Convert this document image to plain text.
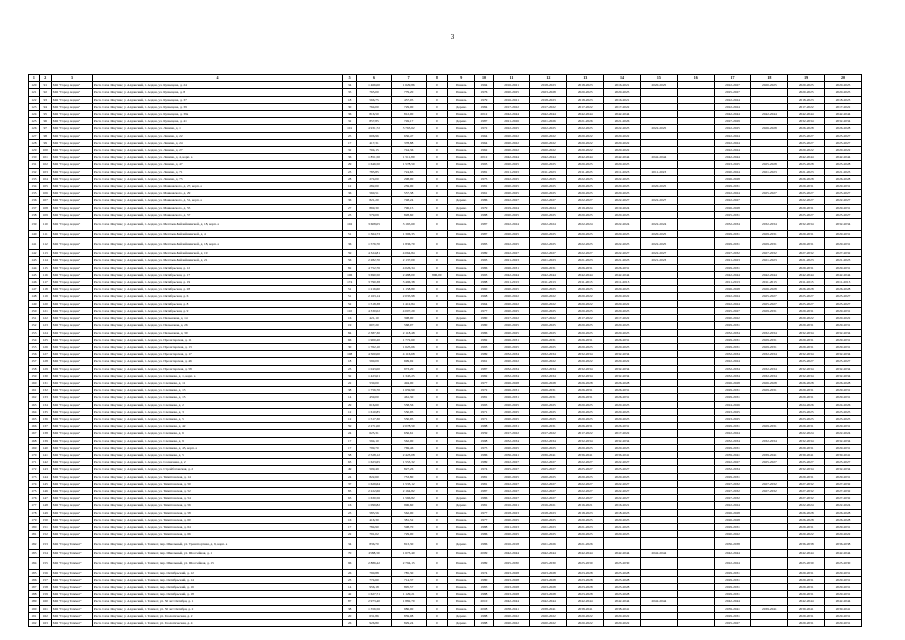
3
1	2	3	4	5	6	7	8	9	10	11	12	13	14	15	16	17	18	19	20
120	91	МО "Город Алдан"	Респ. Саха /Якутия/, у. Алданский, г. Алдан, ул. Кузнецова, д. 24	34	1 466,00	1 629,86	0	Панель	1994	2016-2021	2018-2023	2018-2023	2016-2021	2020-2025		2022-2027	2020-2025	2020-2025	2020-2025
121	92	МО "Город Алдан"	Респ. Саха /Якутия/, у. Алданский, г. Алдан, ул. Кузнецова, д. 8	35	765,00	779,20	0	Панель	1976	2020-2025	2023-2028	2020-2025	2020-2025			2025-2027		2020-2025	2020-2025
122	93	МО "Город Алдан"	Респ. Саха /Якутия/, у. Алданский, г. Алдан, ул. Кузнецова, д. 37	18	566,75	457,05	0	Панель	1979	2016-2021	2018-2023	2018-2023	2016-2021			2022-2024		2018-2023	2018-2023
123	94	МО "Город Алдан"	Респ. Саха /Якутия/, у. Алданский, г. Алдан, ул. Кузнецова, д. 39	30	764,00	729,00	0	Дерево	1984	2017-2022	2017-2022	2017-2022	2017-2022			2022-2024		2017-2022	2017-2022
124	95	МО "Город Алдан"	Респ. Саха /Якутия/, у. Алданский, г. Алдан, ул. Кузнецова, д. 39а	36	816,50	812,00	0	Панель	2012	2042-2044	2042-2044	2042-2044	2042-2044			2042-2044	2042-2044	2042-2044	2042-2044
125	96	МО "Город Алдан"	Респ. Саха /Якутия/, у. Алданский, г. Алдан, ул. Кузнецова, д. 41	32	857,85	749,17	0	Дерево	1987	2021-2026	2021-2026	2021-2026	2021-2026			2027-2029		2032-2034	2032-2034
126	97	МО "Город Алдан"	Респ. Саха /Якутия/, у. Алданский, г. Алдан, ул. Ленина, д. 1	101	4 931,72	3 763,62	0	Панель	1972	2022-2025	2022-2025	2022-2025	2022-2025	2022-2025		2022-2025	2026-2028	2026-2028	2026-2028
127	98	МО "Город Алдан"	Респ. Саха /Якутия/, у. Алданский, г. Алдан, ул. Ленина, д. 22	25	606,96	636,47	0	Панель	1964	2020-2022	2020-2022	2020-2022	2020-2022			2022-2024		2025-2027	2025-2027
128	99	МО "Город Алдан"	Респ. Саха /Якутия/, у. Алданский, г. Алдан, ул. Ленина, д. 24	17	417,31	378,88	0	Панель	1964	2020-2022	2020-2022	2020-2022	2020-2022			2022-2024		2025-2027	2025-2027
129	100	МО "Город Алдан"	Респ. Саха /Якутия/, у. Алданский, г. Алдан, ул. Ленина, д. 27	32	704,15	744,36	0	Панель	1962	2020-2022	2020-2022	2020-2022	2020-2022			2022-2024		2020-2022	2020-2022
130	101	МО "Город Алдан"	Респ. Саха /Якутия/, у. Алданский, г. Алдан, ул. Ленина, д. 4, корп. а	36	1 851,50	1 511,80	0	Панель	2012	2042-2044	2042-2044	2042-2044	2042-2044	2042-2044		2042-2044		2042-2044	2042-2044
131	102	МО "Город Алдан"	Респ. Саха /Якутия/, у. Алданский, г. Алдан, ул. Ленина, д. 47	29	1 646,50	1 578,50	0	Панель	1993	2020-2025	2020-2025	2020-2025	2020-2025			2023-2025	2025-2028	2025-2028	2025-2028
132	103	МО "Город Алдан"	Респ. Саха /Якутия/, у. Алданский, г. Алдан, ул. Ленина, д. 71	23	783,85	724,65	0	Панель	1981	2011-2023	2011-2023	2011-2023	2011-2023	2011-2023		2020-2024	2021-2023	2021-2023	2021-2023
133	104	МО "Город Алдан"	Респ. Саха /Якутия/, у. Алданский, г. Алдан, ул. Ленина, д. 75	28	274,00	298,00	0	Панель	1975	2022-2025	2022-2025	2022-2025	2022-2025			2026-2028		2026-2028	2026-2028
134	105	МО "Город Алдан"	Респ. Саха /Якутия/, у. Алданский, г. Алдан, ул. Маяковского, д. 27, корп. а	12	282,00	259,00	0	Панель	1981	2020-2025	2020-2025	2020-2025	2020-2025	2020-2025		2029-2031		2029-2031	2029-2031
135	106	МО "Город Алдан"	Респ. Саха /Якутия/, у. Алданский, г. Алдан, ул. Маяковского, д. 29	36	560,51	557,38	0	Панель	1961	2020-2025	2020-2025	2020-2025	2020-2025			2022-2024	2025-2027	2025-2027	2025-2027
136	107	МО "Город Алдан"	Респ. Саха /Якутия/, у. Алданский, г. Алдан, ул. Маяковского, д. 51, корп. а	36	821,20	748,24	0	Дерево	1986	2022-2027	2022-2027	2022-2027	2022-2027	2022-2027		2022-2027		2022-2027	2022-2027
137	108	МО "Город Алдан"	Респ. Саха /Якутия/, у. Алданский, г. Алдан, ул. Маяковского, д. 55	27	869,30	796,15	0	Дерево	1979	2019-2024	2019-2024	2019-2024	2019-2024			2026-2028		2029-2031	2029-2031
138	109	МО "Город Алдан"	Респ. Саха /Якутия/, у. Алданский, г. Алдан, ул. Маяковского, д. 57	23	579,09	828,60	0	Панель	1988	2020-2025	2020-2025	2020-2025	2020-2025			2025-2031		2025-2027	2025-2027
139	110	МО "Город Алдан"	Респ. Саха /Якутия/, у. Алданский, г. Алдан, ул. Мечтаев-Байлейнинской, д. 18, корп. а	102	3 608,05	3 165,69	0	Панель	1987	2022-2024	2022-2024	2022-2024	2022-2024	2022-2024		2032-2034	2032-2034	2032-2034	2032-2034
140	111	МО "Город Алдан"	Респ. Саха /Якутия/, у. Алданский, г. Алдан, ул. Мечтаев-Байлейнинской, д. 4	51	1 364,73	1 306,35	0	Панель	1987	2020-2025	2020-2025	2020-2025	2020-2025	2020-2025		2029-2031	2029-2031	2029-2031	2029-2031
141	112	МО "Город Алдан"	Респ. Саха /Якутия/, у. Алданский, г. Алдан, ул. Мечтаев-Байлейнинской, д. 18, корп. а	36	1 576,70	1 836,70	0	Панель	1983	2022-2025	2022-2025	2022-2025	2022-2025	2022-2025		2029-2031	2029-2031	2029-2031	2029-2031
142	113	МО "Город Алдан"	Респ. Саха /Якутия/, у. Алданский, г. Алдан, ул. Мечтаев-Байлейнинской, д. 19	59	4 324,81	4 064,84	0	Панель	1989	2022-2027	2022-2027	2022-2027	2022-2027	2022-2027		2027-2032	2027-2032	2027-2032	2027-2032
143	114	МО "Город Алдан"	Респ. Саха /Якутия/, у. Алданский, г. Алдан, ул. Мечтаев-Байлейнинской, д. 21	56	2 282,70	2 137,09	0	Панель	1993	2021-2023	2021-2023	2021-2023	2021-2023	2021-2023		2021-2023	2021-2023	2021-2023	2021-2023
144	115	МО "Город Алдан"	Респ. Саха /Якутия/, у. Алданский, г. Алдан, ул. Октябрьская, д. 12	82	4 752,76	4 026,34	0	Панель	1986	2026-2031	2026-2031	2026-2031	2026-2031			2029-2031		2029-2031	2029-2031
145	116	МО "Город Алдан"	Респ. Саха /Якутия/, у. Алданский, г. Алдан, ул. Октябрьская, д. 17	106	3 690,50	2 488,00	896,00	Панель	1993	2042-2044	2042-2044	2042-2044	2042-2044			2042-2044	2042-2044	2042-2044	2042-2044
146	117	МО "Город Алдан"	Респ. Саха /Якутия/, у. Алданский, г. Алдан, ул. Октябрьская, д. 19	174	3 790,38	3 496,38	0	Панель	1988	2011-2013	2011-2013	2011-2013	2011-2013			2011-2013	2011-2013	2011-2013	2011-2013
147	118	МО "Город Алдан"	Респ. Саха /Якутия/, у. Алданский, г. Алдан, ул. Октябрьская, д. 28	51	1 216,60	1 158,80	0	Панель	1960	2020-2025	2020-2025	2020-2025	2020-2025			2026-2028	2026-2028	2026-2028	2026-2028
148	119	МО "Город Алдан"	Респ. Саха /Якутия/, у. Алданский, г. Алдан, ул. Октябрьская, д. 6	51	2 163,14	2 035,98	0	Панель	1968	2020-2022	2020-2022	2020-2022	2020-2022			2022-2024	2025-2027	2025-2027	2025-2027
149	120	МО "Город Алдан"	Респ. Саха /Якутия/, у. Алданский, г. Алдан, ул. Октябрьская, д. 8	52	1 518,38	1 412,84	0	Панель	1964	2020-2022	2020-2022	2020-2022	2020-2022			2022-2024	2025-2027	2025-2027	2025-2027
150	121	МО "Город Алдан"	Респ. Саха /Якутия/, у. Алданский, г. Алдан, ул. Октябрьская, д. 9	110	4 330,02	4 007,29	0	Панель	1977	2020-2025	2020-2025	2020-2025	2020-2025			2025-2027	2029-2031	2029-2031	2029-2031
151	122	МО "Город Алдан"	Респ. Саха /Якутия/, у. Алданский, г. Алдан, ул. Пальмовая, д. 14	16	421,10	398,00	0	Дерево	1980	2017-2022	2017-2022	2017-2022	2017-2022			2020-2022		2020-2022	2020-2022
152	123	МО "Город Алдан"	Респ. Саха /Якутия/, у. Алданский, г. Алдан, ул. Пальмовая, д. 26	19	607,20	568,07	0	Панель	1980	2020-2025	2020-2025	2020-2025	2020-2025			2029-2031		2029-2031	2029-2031
153	124	МО "Город Алдан"	Респ. Саха /Якутия/, у. Алданский, г. Алдан, ул. Пальмовая, д. 30	84	2 387,30	2 118,48	0	Панель	1986	2020-2025	2020-2025	2020-2025	2020-2025			2032-2034	2032-2034	2032-2034	2032-2034
154	125	МО "Город Алдан"	Респ. Саха /Якутия/, у. Алданский, г. Алдан, ул. Пролетарская, д. 11	66	1 900,20	1 772,60	0	Панель	1982	2026-2031	2026-2031	2026-2031	2026-2031			2029-2031	2029-2031	2029-2031	2029-2031
155	126	МО "Город Алдан"	Респ. Саха /Якутия/, у. Алданский, г. Алдан, ул. Пролетарская, д. 13	30	1 762,10	1 625,66	0	Панель	1993	2020-2025	2020-2025	2020-2025	2020-2025			2029-2031	2029-2031	2029-2031	2029-2031
156	127	МО "Город Алдан"	Респ. Саха /Якутия/, у. Алданский, г. Алдан, ул. Пролетарская, д. 17	108	4 500,00	4 116,68	0	Панель	1989	2032-2034	2032-2034	2032-2034	2032-2034			2032-2034	2032-2034	2032-2034	2032-2034
157	128	МО "Город Алдан"	Респ. Саха /Якутия/, у. Алданский, г. Алдан, ул. Пролетарская, д. 46	18	590,09	699,92	0	Панель	1961	2020-2022	2020-2022	2020-2022	2020-2022			2022-2024		2025-2027	2025-2027
158	129	МО "Город Алдан"	Респ. Саха /Якутия/, у. Алданский, г. Алдан, ул. Пролетарская, д. 58	23	1 043,00	973,20	0	Панель	1987	2032-2034	2032-2034	2032-2034	2032-2034			2032-2034	2032-2034	2032-2034	2032-2034
159	130	МО "Город Алдан"	Респ. Саха /Якутия/, у. Алданский, г. Алдан, ул. Слепнева, д. 1, корп. а	32	1 423,01	1 345,25	0	Панель	1982	2032-2034	2032-2034	2032-2034	2032-2034			2032-2034	2032-2034	2032-2034	2032-2034
160	131	МО "Город Алдан"	Респ. Саха /Якутия/, у. Алданский, г. Алдан, ул. Слепнева, д. 11	22	530,00	494,00	0	Панель	1977	2026-2028	2026-2028	2026-2028	2026-2028			2026-2028	2026-2028	2026-2028	2026-2028
161	132	МО "Город Алдан"	Респ. Саха /Якутия/, у. Алданский, г. Алдан, ул. Слепнева, д. 13	38	1 756,70	1 659,90	0	Панель	1972	2026-2031	2026-2031	2026-2031	2026-2031			2029-2031	2029-2031	2029-2031	2029-2031
162	133	МО "Город Алдан"	Респ. Саха /Якутия/, у. Алданский, г. Алдан, ул. Слепнева, д. 15	14	459,00	461,30	0	Панель	1981	2026-2031	2026-2031	2026-2031	2026-2031			2029-2031		2029-2031	2029-2031
163	134	МО "Город Алдан"	Респ. Саха /Якутия/, у. Алданский, г. Алдан, ул. Слепнева, д. 2	29	616,60	558,56	0	Панель	1993	2020-2025	2020-2025	2020-2025	2020-2025			2024-2026		2024-2026	2024-2026
164	135	МО "Город Алдан"	Респ. Саха /Якутия/, у. Алданский, г. Алдан, ул. Слепнева, д. 3	12	1 610,85	550,95	0	Панель	1971	2020-2025	2020-2025	2020-2025	2020-2025			2023-2025		2023-2025	2023-2025
165	136	МО "Город Алдан"	Респ. Саха /Якутия/, у. Алданский, г. Алдан, ул. Слепнева, д. 5	12	1 517,30	550,95	0	Панель	1971	2020-2025	2020-2025	2020-2025	2020-2025			2023-2025		2023-2025	2023-2025
166	137	МО "Город Алдан"	Респ. Саха /Якутия/, у. Алданский, г. Алдан, ул. Слепнева, д. 42	59	2 271,00	2 078,50	0	Панель	1988	2026-2031	2026-2031	2026-2031	2026-2031			2029-2031	2029-2031	2029-2031	2029-2031
167	138	МО "Город Алдан"	Респ. Саха /Якутия/, у. Алданский, г. Алдан, ул. Слепнева, д. 6	24	625,31	656,61	0	Панель	1959	2017-2022	2017-2022	2017-2022	2017-2022			2022-2024		2022-2024	2022-2024
168	139	МО "Город Алдан"	Респ. Саха /Якутия/, у. Алданский, г. Алдан, ул. Слепнева, д. 9	17	594,10	562,00	0	Панель	1998	2032-2034	2032-2034	2032-2034	2032-2034			2032-2034	2032-2034	2032-2034	2032-2034
169	140	МО "Город Алдан"	Респ. Саха /Якутия/, у. Алданский, г. Алдан, ул. Слепнева, д. 45, корп. а	17	799,70	769,46	0	Панель	1975	2020-2025	2020-2025	2020-2025	2020-2025			2029-2031		2029-2031	2029-2031
170	141	МО "Город Алдан"	Респ. Саха /Якутия/, у. Алданский, г. Алдан, ул. Слепнева, д. 5	58	2 528,12	2 423,08	0	Панель	1986	2036-2041	2036-2041	2036-2041	2036-2041			2039-2041	2039-2041	2039-2041	2039-2041
171	142	МО "Город Алдан"	Респ. Саха /Якутия/, у. Алданский, г. Алдан, ул. Солнечная, д. 2	63	1 623,65	1 553,32	0	Панель	1989	2022-2027	2022-2027	2022-2027	2022-2027			2022-2027	2025-2027	2025-2027	2025-2027
172	143	МО "Город Алдан"	Респ. Саха /Якутия/, у. Алданский, г. Алдан, ул. Стройбатовская, д. 2	49	509,49	827,26	0	Панель	1974	2025-2027	2025-2027	2025-2027	2025-2027			2032-2034		2032-2034	2032-2034
173	144	МО "Город Алдан"	Респ. Саха /Якутия/, у. Алданский, г. Алдан, ул. Тимптонская, д. 14	24	822,60	753,80	0	Панель	1981	2020-2025	2020-2025	2020-2025	2020-2025			2029-2031		2029-2031	2029-2031
174	145	МО "Город Алдан"	Респ. Саха /Якутия/, у. Алданский, г. Алдан, ул. Тимптонская, д. 50	37	1 629,64	1 533,12	0	Панель	1981	2022-2027	2022-2027	2022-2027	2022-2027			2027-2032	2027-2032	2027-2032	2027-2032
175	146	МО "Город Алдан"	Респ. Саха /Якутия/, у. Алданский, г. Алдан, ул. Тимптонская, д. 52	83	2 222,66	2 164,82	0	Панель	1987	2022-2027	2022-2027	2022-2027	2022-2027			2027-2032	2027-2032	2027-2032	2027-2032
176	147	МО "Город Алдан"	Респ. Саха /Якутия/, у. Алданский, г. Алдан, ул. Тимптонская, д. 54	63	1 630,56	1 566,82	0	Дерево	1986	2022-2027	2022-2027	2022-2027	2022-2027			2027-2032		2027-2032	2027-2032
177	148	МО "Город Алдан"	Респ. Саха /Якутия/, у. Алданский, г. Алдан, ул. Тимптонская, д. 56	16	1 099,82	996,60	0	Дерево	1981	2016-2021	2016-2021	2016-2021	2016-2021			2022-2024		2022-2024	2022-2024
178	149	МО "Город Алдан"	Респ. Саха /Якутия/, у. Алданский, г. Алдан, ул. Тимптонская, д. 58	23	583,56	562,00	0	Панель	1977	2018-2023	2018-2023	2018-2023	2018-2023			2026-2028		2026-2028	2026-2028
179	150	МО "Город Алдан"	Респ. Саха /Якутия/, у. Алданский, г. Алдан, ул. Тимптонская, д. 60	16	416,30	381,52	0	Панель	1977	2020-2025	2020-2025	2020-2025	2020-2025			2026-2028		2026-2028	2026-2028
180	151	МО "Город Алдан"	Респ. Саха /Якутия/, у. Алданский, г. Алдан, ул. Тимптонская, д. 64	17	784,90	598,70	0	Панель	1988	2021-2023	2021-2023	2021-2023	2021-2023			2029-2031		2029-2031	2029-2031
181	152	МО "Город Алдан"	Респ. Саха /Якутия/, у. Алданский, г. Алдан, ул. Тимптонская, д. 66	22	791,02	729,00	0	Панель	1986	2020-2025	2020-2025	2020-2025	2020-2025			2020-2022		2020-2022	2020-2022
182	153	МО "Город Томмот"	Респ. Саха /Якутия/, у. Алданский, г. Томмот, пер. Школьный, ул. Транспортная, д. 9, корп. а	34	836,70	813,30	0	Дерево	1986	2016-2018	2021-2026	2021-2026				2036-2038		2036-2038	2036-2038
183	154	МО "Город Томмот"	Респ. Саха /Якутия/, у. Алданский, г. Томмот, пер. Школьный, ул. Шоссейная, д. 1	70	2588,30	1 673,40	0	Панель	2009	2042-2044	2042-2044	2042-2044	2042-2044	2042-2044		2042-2044		2042-2044	2042-2044
184	155	МО "Город Томмот"	Респ. Саха /Якутия/, у. Алданский, г. Томмот, пер. Школьный, ул. Шоссейная, д. 15	96	2 886,42	2 794,15	0	Панель	1989	2025-2030	2025-2030	2025-2030	2025-2030			2022-2024		2025-2030	2025-2030
185	156	МО "Город Томмот"	Респ. Саха /Якутия/, у. Алданский, г. Томмот, пер. Октябрьский, д. 12	26	790,88	785,30	0	Панель	1974	2023-2028	2023-2028	2023-2028	2023-2028			2029-2031		2029-2031	2029-2031
186	157	МО "Город Томмот"	Респ. Саха /Якутия/, у. Алданский, г. Томмот, пер. Октябрьский, д. 14	23	774,60	714,37	0	Панель	1980	2023-2028	2023-2028	2023-2028	2023-2028			2029-2031		2029-2031	2029-2031
187	158	МО "Город Томмот"	Респ. Саха /Якутия/, у. Алданский, г. Томмот, пер. Октябрьский, д. 16	14	956,18	895,57	0	Панель	1983	2023-2028	2023-2028	2023-2028	2023-2028			2029-2031		2029-2031	2029-2031
188	159	МО "Город Томмот"	Респ. Саха /Якутия/, у. Алданский, г. Томмот, пер. Октябрьский, д. 18	42	1 627,71	1 129,21	0	Панель	1988	2023-2028	2023-2028	2023-2028	2023-2028			2029-2031		2029-2031	2029-2031
189	160	МО "Город Томмот"	Респ. Саха /Якутия/, у. Алданский, г. Томмот, ул. 50 лет Октября, д. 1	87	2 973,40	1 882,70	0	Панель	2010	2042-2044	2042-2044	2042-2044	2042-2044	2042-2044		2042-2044		2042-2044	2042-2044
190	161	МО "Город Томмот"	Респ. Саха /Якутия/, у. Алданский, г. Томмот, ул. 50 лет Октября, д. 2	38	1 356,56	986,00	0	Панель	2008	2038-2041	2038-2041	2038-2041	2038-2041			2039-2041	2039-2041	2039-2041	2039-2041
191	162	МО "Город Томмот"	Респ. Саха /Якутия/, у. Алданский, г. Томмот, ул. Геологическая, д. 2	20	631,86	859,08	0	Дерево	1988	2020-2022	2020-2022	2020-2022	2020-2022			2029-2031		2029-2031	2029-2031
192	163	МО "Город Томмот"	Респ. Саха /Якутия/, у. Алданский, г. Томмот, ул. Геологическая, д. 4	26	926,80	829,24	0	Дерево	1988	2020-2022	2020-2022	2020-2022	2020-2022			2025-2027		2029-2031	2029-2031
